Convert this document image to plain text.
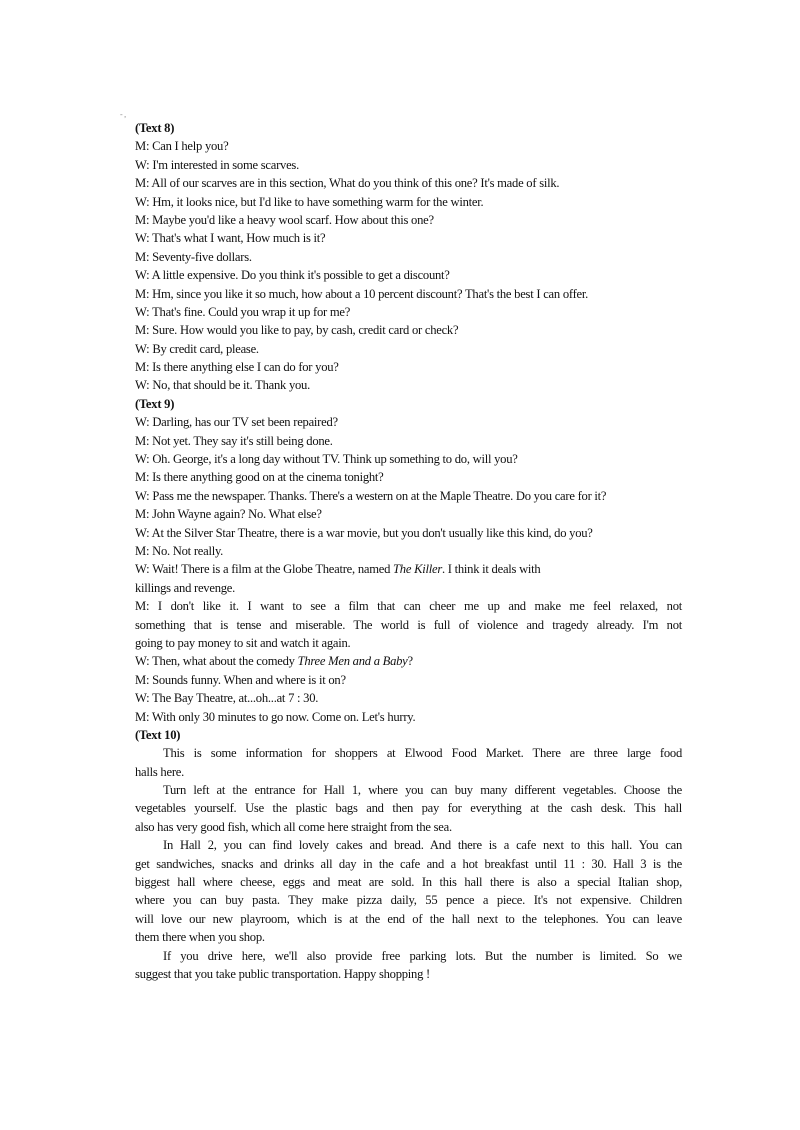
- ,
(Text 8)
M: Can I help you?
W: I'm interested in some scarves.
M: All of our scarves are in this section, What do you think of this one? It's made of silk.
W: Hm, it looks nice, but I'd like to have something warm for the winter.
M: Maybe you'd like a heavy wool scarf. How about this one?
W: That's what I want, How much is it?
M: Seventy-five dollars.
W: A little expensive. Do you think it's possible to get a discount?
M: Hm, since you like it so much, how about a 10 percent discount? That's the best I can offer.
W: That's fine. Could you wrap it up for me?
M: Sure. How would you like to pay, by cash, credit card or check?
W: By credit card, please.
M: Is there anything else I can do for you?
W: No, that should be it. Thank you.
(Text 9)
W: Darling, has our TV set been repaired?
M: Not yet. They say it's still being done.
W: Oh. George, it's a long day without TV. Think up something to do, will you?
M: Is there anything good on at the cinema tonight?
W: Pass me the newspaper. Thanks. There's a western on at the Maple Theatre. Do you care for it?
M: John Wayne again? No. What else?
W: At the Silver Star Theatre, there is a war movie, but you don't usually like this kind, do you?
M: No. Not really.
W: Wait! There is a film at the Globe Theatre, named The Killer. I think it deals with
killings and revenge.
M: I don't like it. I want to see a film that can cheer me up and make me feel relaxed, not
something that is tense and miserable. The world is full of violence and tragedy already. I'm not
going to pay money to sit and watch it again.
W: Then, what about the comedy Three Men and a Baby?
M: Sounds funny. When and where is it on?
W: The Bay Theatre, at...oh...at 7 : 30.
M: With only 30 minutes to go now. Come on. Let's hurry.
(Text 10)
This is some information for shoppers at Elwood Food Market. There are three large food
halls here.
Turn left at the entrance for Hall 1, where you can buy many different vegetables. Choose the
vegetables yourself. Use the plastic bags and then pay for everything at the cash desk. This hall
also has very good fish, which all come here straight from the sea.
In Hall 2, you can find lovely cakes and bread. And there is a cafe next to this hall. You can
get sandwiches, snacks and drinks all day in the cafe and a hot breakfast until 11 : 30. Hall 3 is the
biggest hall where cheese, eggs and meat are sold. In this hall there is also a special Italian shop,
where you can buy pasta. They make pizza daily, 55 pence a piece. It's not expensive. Children
will love our new playroom, which is at the end of the hall next to the telephones. You can leave
them there when you shop.
If you drive here, we'll also provide free parking lots. But the number is limited. So we
suggest that you take public transportation. Happy shopping !
